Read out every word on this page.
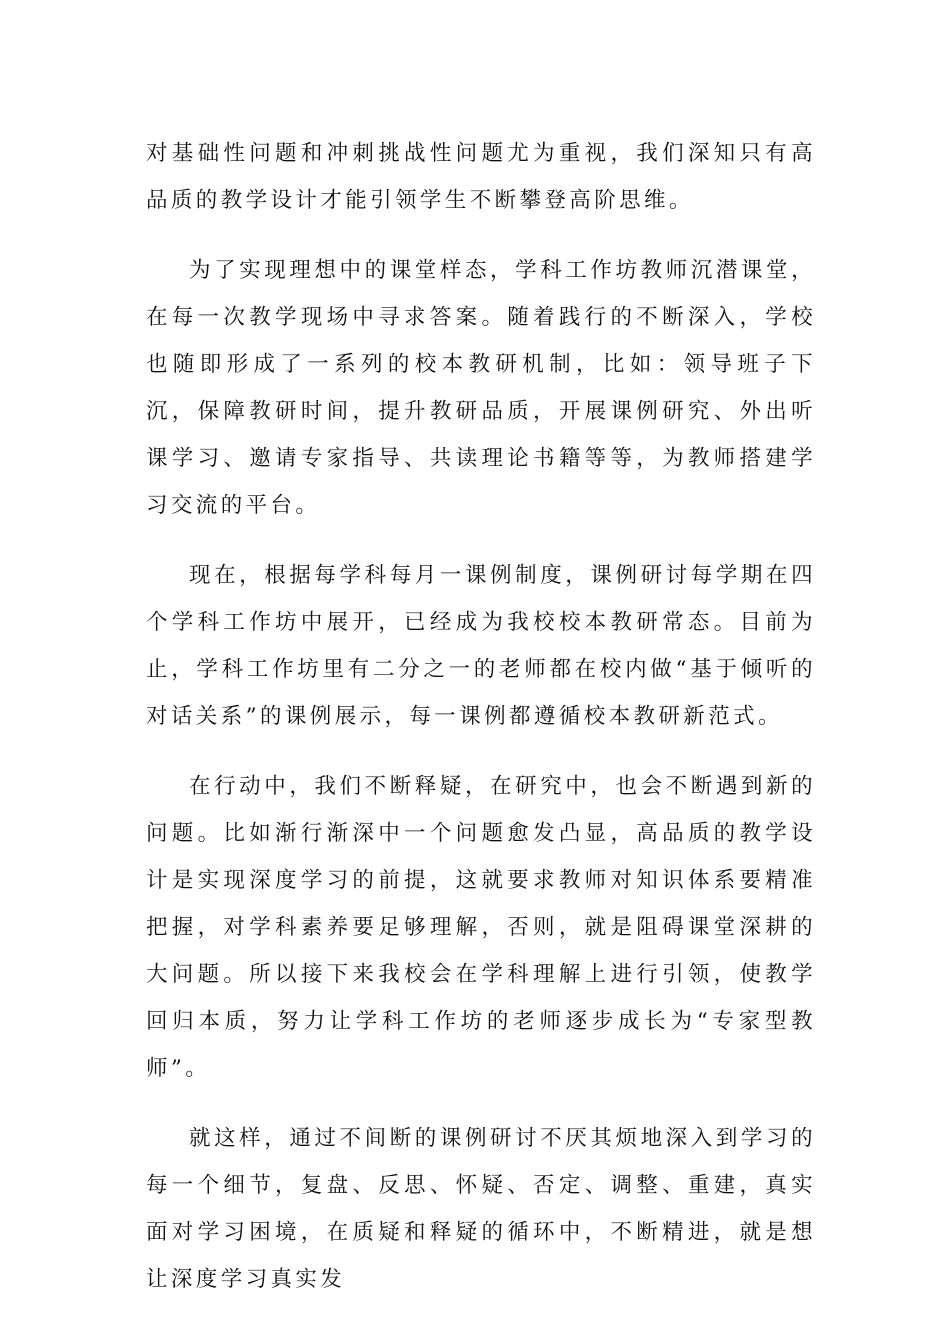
对基础性问题和冲刺挑战性问题尤为重视，我们深知只有高品质的教学设计才能引领学生不断攀登高阶思维。

为了实现理想中的课堂样态，学科工作坊教师沉潜课堂，在每一次教学现场中寻求答案。随着践行的不断深入，学校也随即形成了一系列的校本教研机制，比如：领导班子下沉，保障教研时间，提升教研品质，开展课例研究、外出听课学习、邀请专家指导、共读理论书籍等等，为教师搭建学习交流的平台。

现在，根据每学科每月一课例制度，课例研讨每学期在四个学科工作坊中展开，已经成为我校校本教研常态。目前为止，学科工作坊里有二分之一的老师都在校内做“基于倾听的对话关系”的课例展示，每一课例都遵循校本教研新范式。

在行动中，我们不断释疑，在研究中，也会不断遇到新的问题。比如渐行渐深中一个问题愈发凸显，高品质的教学设计是实现深度学习的前提，这就要求教师对知识体系要精准把握，对学科素养要足够理解，否则，就是阻碍课堂深耕的大问题。所以接下来我校会在学科理解上进行引领，使教学回归本质，努力让学科工作坊的老师逐步成长为“专家型教师”。

就这样，通过不间断的课例研讨不厌其烦地深入到学习的每一个细节，复盘、反思、怀疑、否定、调整、重建，真实面对学习困境，在质疑和释疑的循环中，不断精进，就是想让深度学习真实发
